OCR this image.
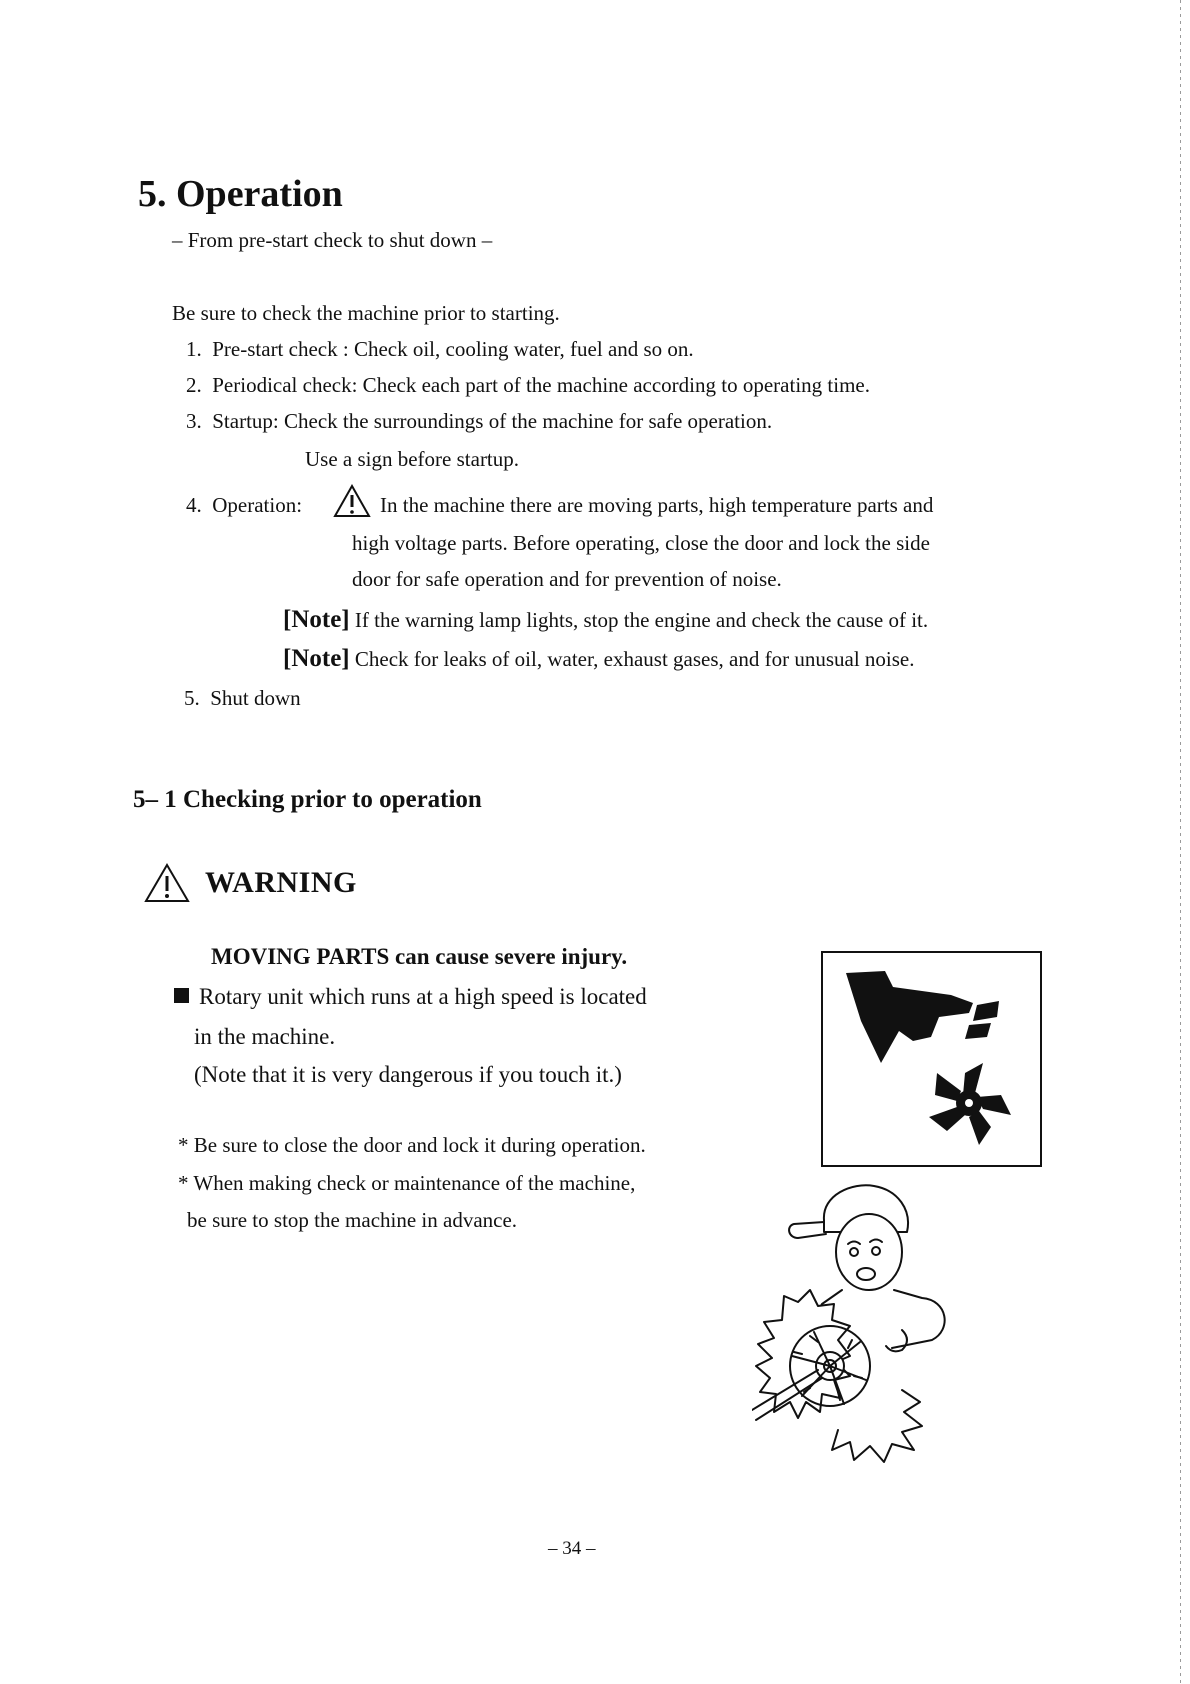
5. Operation
– From pre-start check to shut down –
Be sure to check the machine prior to starting.
1. Pre-start check : Check oil, cooling water, fuel and so on.
2. Periodical check: Check each part of the machine according to operating time.
3. Startup: Check the surroundings of the machine for safe operation.
Use a sign before startup.
4. Operation:	In the machine there are moving parts, high temperature parts and
high voltage parts. Before operating, close the door and lock the side
door for safe operation and for prevention of noise.
[Note] If the warning lamp lights, stop the engine and check the cause of it.
[Note] Check for leaks of oil, water, exhaust gases, and for unusual noise.
5. Shut down
5– 1 Checking prior to operation
WARNING
MOVING PARTS can cause severe injury.
Rotary unit which runs at a high speed is located
in the machine.
(Note that it is very dangerous if you touch it.)
* Be sure to close the door and lock it during operation.
* When making check or maintenance of the machine,
be sure to stop the machine in advance.
– 34 –
